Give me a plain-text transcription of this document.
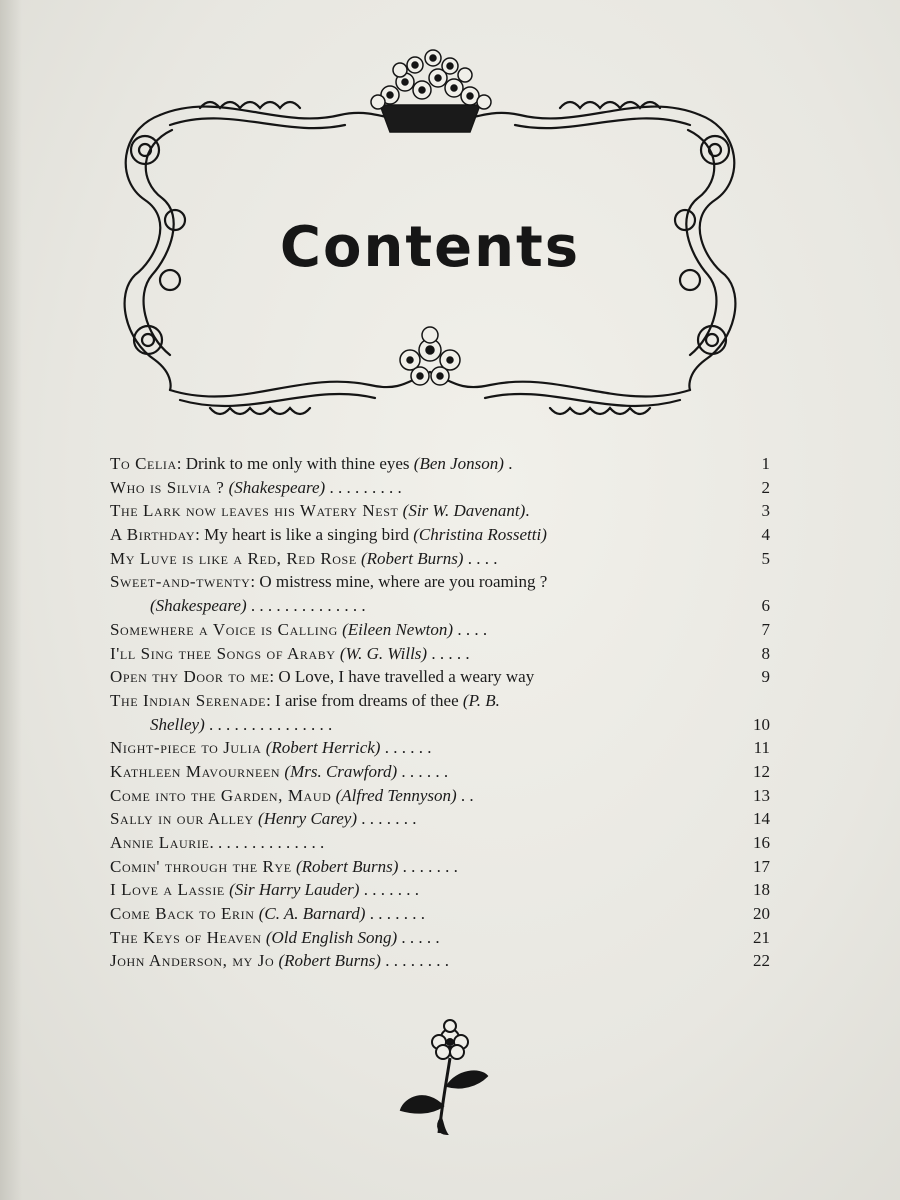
Contents
To Celia: Drink to me only with thine eyes (Ben Jonson) .	1
Who is Silvia ? (Shakespeare) . . . . . . . . .	2
The Lark now leaves his Watery Nest (Sir W. Davenant).	3
A Birthday: My heart is like a singing bird (Christina Rossetti)	4
My Luve is like a Red, Red Rose (Robert Burns) . . . .	5
Sweet-and-twenty: O mistress mine, where are you roaming ?
(Shakespeare) . . . . . . . . . . . . . .	6
Somewhere a Voice is Calling (Eileen Newton) . . . .	7
I'll Sing thee Songs of Araby (W. G. Wills) . . . . .	8
Open thy Door to me: O Love, I have travelled a weary way	9
The Indian Serenade: I arise from dreams of thee (P. B.
Shelley) . . . . . . . . . . . . . . .	10
Night-piece to Julia (Robert Herrick) . . . . . .	11
Kathleen Mavourneen (Mrs. Crawford) . . . . . .	12
Come into the Garden, Maud (Alfred Tennyson) . .	13
Sally in our Alley (Henry Carey) . . . . . . .	14
Annie Laurie. . . . . . . . . . . . . .	16
Comin' through the Rye (Robert Burns) . . . . . . .	17
I Love a Lassie (Sir Harry Lauder) . . . . . . .	18
Come Back to Erin (C. A. Barnard) . . . . . . .	20
The Keys of Heaven (Old English Song) . . . . .	21
John Anderson, my Jo (Robert Burns) . . . . . . . .	22
